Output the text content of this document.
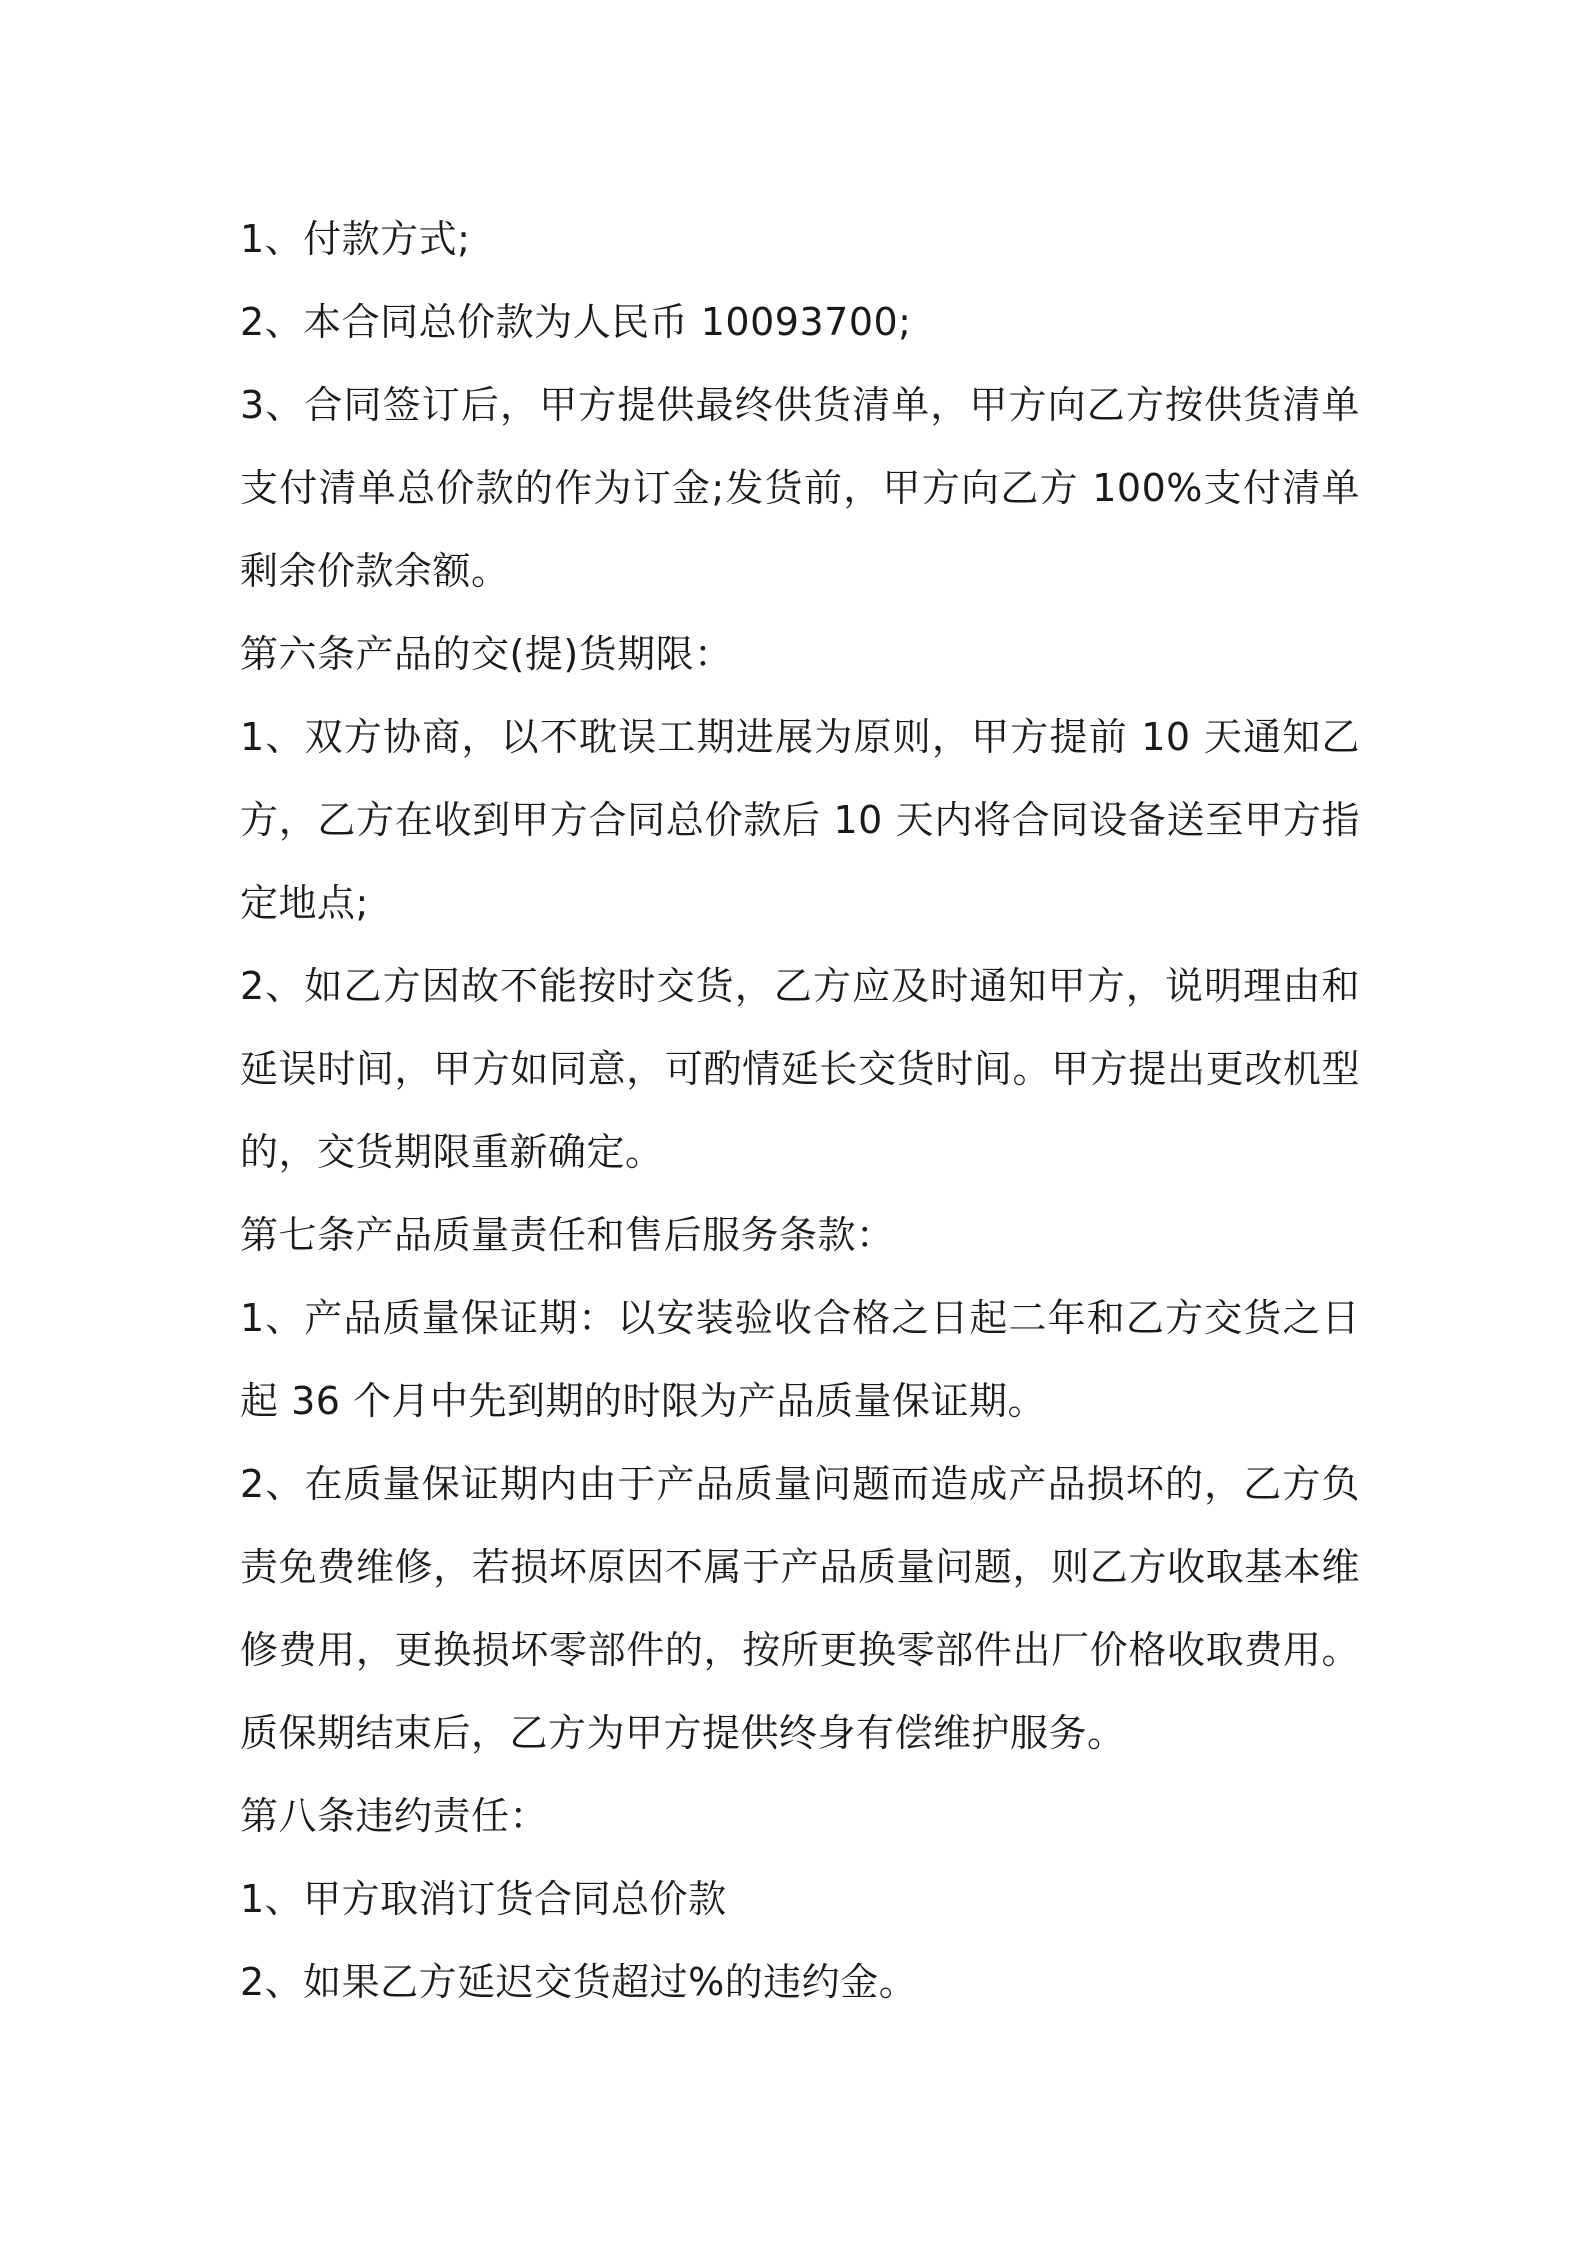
1、付款方式;

2、本合同总价款为人民币 10093700;

3、合同签订后，甲方提供最终供货清单，甲方向乙方按供货清单支付清单总价款的作为订金;发货前，甲方向乙方 100%支付清单剩余价款余额。

第六条产品的交(提)货期限：

1、双方协商，以不耽误工期进展为原则，甲方提前 10 天通知乙方，乙方在收到甲方合同总价款后 10 天内将合同设备送至甲方指定地点;

2、如乙方因故不能按时交货，乙方应及时通知甲方，说明理由和延误时间，甲方如同意，可酌情延长交货时间。甲方提出更改机型的，交货期限重新确定。

第七条产品质量责任和售后服务条款：

1、产品质量保证期：以安装验收合格之日起二年和乙方交货之日起 36 个月中先到期的时限为产品质量保证期。

2、在质量保证期内由于产品质量问题而造成产品损坏的，乙方负责免费维修，若损坏原因不属于产品质量问题，则乙方收取基本维修费用，更换损坏零部件的，按所更换零部件出厂价格收取费用。质保期结束后，乙方为甲方提供终身有偿维护服务。

第八条违约责任：

1、甲方取消订货合同总价款

2、如果乙方延迟交货超过%的违约金。
